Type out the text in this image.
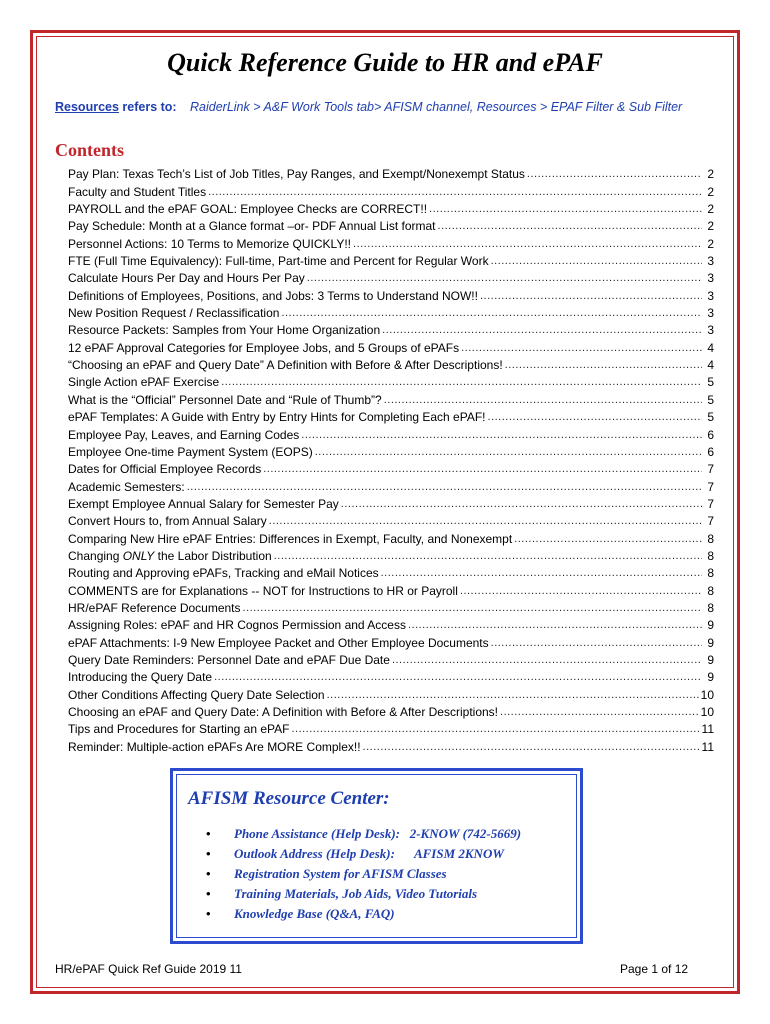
Quick Reference Guide to HR and ePAF
Resources refers to: RaiderLink > A&F Work Tools tab> AFISM channel, Resources > EPAF Filter & Sub Filter
Contents
Pay Plan: Texas Tech’s List of Job Titles, Pay Ranges, and Exempt/Nonexempt Status .....	2
Faculty and Student Titles .....	2
PAYROLL and the ePAF GOAL: Employee Checks are CORRECT!! .....	2
Pay Schedule: Month at a Glance format –or- PDF Annual List format .....	2
Personnel Actions: 10 Terms to Memorize QUICKLY!! .....	2
FTE (Full Time Equivalency): Full-time, Part-time and Percent for Regular Work .....	3
Calculate Hours Per Day and Hours Per Pay .....	3
Definitions of Employees, Positions, and Jobs: 3 Terms to Understand NOW!! .....	3
New Position Request / Reclassification .....	3
Resource Packets: Samples from Your Home Organization .....	3
12 ePAF Approval Categories for Employee Jobs, and 5 Groups of ePAFs .....	4
“Choosing an ePAF and Query Date” A Definition with Before & After Descriptions! .....	4
Single Action ePAF Exercise .....	5
What is the “Official” Personnel Date and “Rule of Thumb”? .....	5
ePAF Templates: A Guide with Entry by Entry Hints for Completing Each ePAF! .....	5
Employee Pay, Leaves, and Earning Codes .....	6
Employee One-time Payment System (EOPS) .....	6
Dates for Official Employee Records .....	7
Academic Semesters: .....	7
Exempt Employee Annual Salary for Semester Pay .....	7
Convert Hours to, from Annual Salary .....	7
Comparing New Hire ePAF Entries: Differences in Exempt, Faculty, and Nonexempt .....	8
Changing ONLY the Labor Distribution .....	8
Routing and Approving ePAFs, Tracking and eMail Notices .....	8
COMMENTS are for Explanations -- NOT for Instructions to HR or Payroll .....	8
HR/ePAF Reference Documents .....	8
Assigning Roles: ePAF and HR Cognos Permission and Access .....	9
ePAF Attachments: I-9 New Employee Packet and Other Employee Documents .....	9
Query Date Reminders: Personnel Date and ePAF Due Date .....	9
Introducing the Query Date .....	9
Other Conditions Affecting Query Date Selection .....	10
Choosing an ePAF and Query Date: A Definition with Before & After Descriptions! .....	10
Tips and Procedures for Starting an ePAF .....	11
Reminder: Multiple-action ePAFs Are MORE Complex!! .....	11
AFISM Resource Center:
• Phone Assistance (Help Desk):   2-KNOW (742-5669)
• Outlook Address (Help Desk):      AFISM 2KNOW
• Registration System for AFISM Classes
• Training Materials, Job Aids, Video Tutorials
• Knowledge Base (Q&A, FAQ)
HR/ePAF Quick Ref Guide 2019 11	Page 1 of 12
